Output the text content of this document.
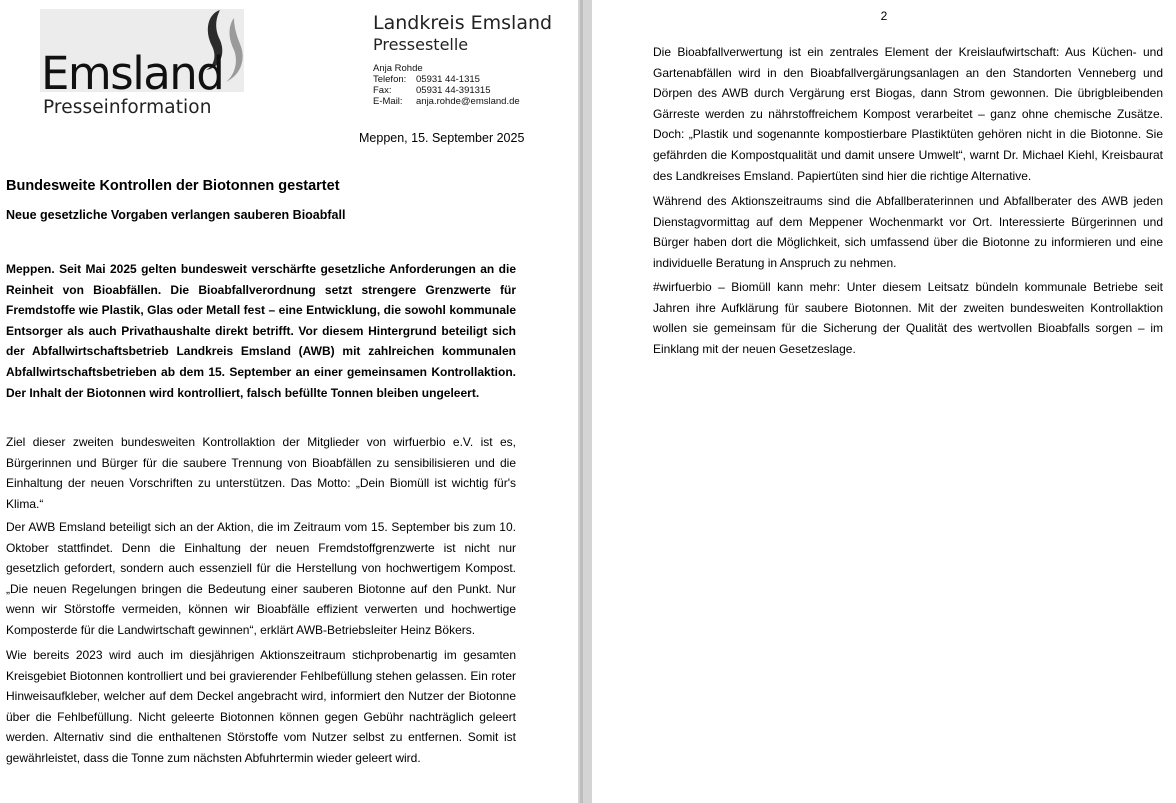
Emsland
Presseinformation
Landkreis Emsland
Pressestelle
Anja Rohde
Telefon:	05931 44-1315
Fax:	05931 44-391315
E-Mail:	anja.rohde@emsland.de
Meppen, 15. September 2025
Bundesweite Kontrollen der Biotonnen gestartet
Neue gesetzliche Vorgaben verlangen sauberen Bioabfall

Meppen. Seit Mai 2025 gelten bundesweit verschärfte gesetzliche Anforderungen an die Reinheit von Bioabfällen. Die Bioabfallverordnung setzt strengere Grenzwerte für Fremdstoffe wie Plastik, Glas oder Metall fest – eine Entwicklung, die sowohl kommunale Entsorger als auch Privathaushalte direkt betrifft. Vor diesem Hintergrund beteiligt sich der Abfallwirtschaftsbetrieb Landkreis Emsland (AWB) mit zahlreichen kommunalen Abfallwirtschaftsbetrieben ab dem 15. September an einer gemeinsamen Kontrollaktion. Der Inhalt der Biotonnen wird kontrolliert, falsch befüllte Tonnen bleiben ungeleert.

Ziel dieser zweiten bundesweiten Kontrollaktion der Mitglieder von wirfuerbio e.V. ist es, Bürgerinnen und Bürger für die saubere Trennung von Bioabfällen zu sensibilisieren und die Einhaltung der neuen Vorschriften zu unterstützen. Das Motto: „Dein Biomüll ist wichtig für's Klima.“

Der AWB Emsland beteiligt sich an der Aktion, die im Zeitraum vom 15. September bis zum 10. Oktober stattfindet. Denn die Einhaltung der neuen Fremdstoffgrenzwerte ist nicht nur gesetzlich gefordert, sondern auch essenziell für die Herstellung von hochwertigem Kompost. „Die neuen Regelungen bringen die Bedeutung einer sauberen Biotonne auf den Punkt. Nur wenn wir Störstoffe vermeiden, können wir Bioabfälle effizient verwerten und hochwertige Komposterde für die Landwirtschaft gewinnen“, erklärt AWB-Betriebsleiter Heinz Bökers.

Wie bereits 2023 wird auch im diesjährigen Aktionszeitraum stichprobenartig im gesamten Kreisgebiet Biotonnen kontrolliert und bei gravierender Fehlbefüllung stehen gelassen. Ein roter Hinweisaufkleber, welcher auf dem Deckel angebracht wird, informiert den Nutzer der Biotonne über die Fehlbefüllung. Nicht geleerte Biotonnen können gegen Gebühr nachträglich geleert werden. Alternativ sind die enthaltenen Störstoffe vom Nutzer selbst zu entfernen. Somit ist gewährleistet, dass die Tonne zum nächsten Abfuhrtermin wieder geleert wird.

2

Die Bioabfallverwertung ist ein zentrales Element der Kreislaufwirtschaft: Aus Küchen- und Gartenabfällen wird in den Bioabfallvergärungsanlagen an den Standorten Venneberg und Dörpen des AWB durch Vergärung erst Biogas, dann Strom gewonnen. Die übrigbleibenden Gärreste werden zu nährstoffreichem Kompost verarbeitet – ganz ohne chemische Zusätze. Doch: „Plastik und sogenannte kompostierbare Plastiktüten gehören nicht in die Biotonne. Sie gefährden die Kompostqualität und damit unsere Umwelt“, warnt Dr. Michael Kiehl, Kreisbaurat des Landkreises Emsland. Papiertüten sind hier die richtige Alternative.

Während des Aktionszeitraums sind die Abfallberaterinnen und Abfallberater des AWB jeden Dienstagvormittag auf dem Meppener Wochenmarkt vor Ort. Interessierte Bürgerinnen und Bürger haben dort die Möglichkeit, sich umfassend über die Biotonne zu informieren und eine individuelle Beratung in Anspruch zu nehmen.

#wirfuerbio – Biomüll kann mehr: Unter diesem Leitsatz bündeln kommunale Betriebe seit Jahren ihre Aufklärung für saubere Biotonnen. Mit der zweiten bundesweiten Kontrollaktion wollen sie gemeinsam für die Sicherung der Qualität des wertvollen Bioabfalls sorgen – im Einklang mit der neuen Gesetzeslage.
